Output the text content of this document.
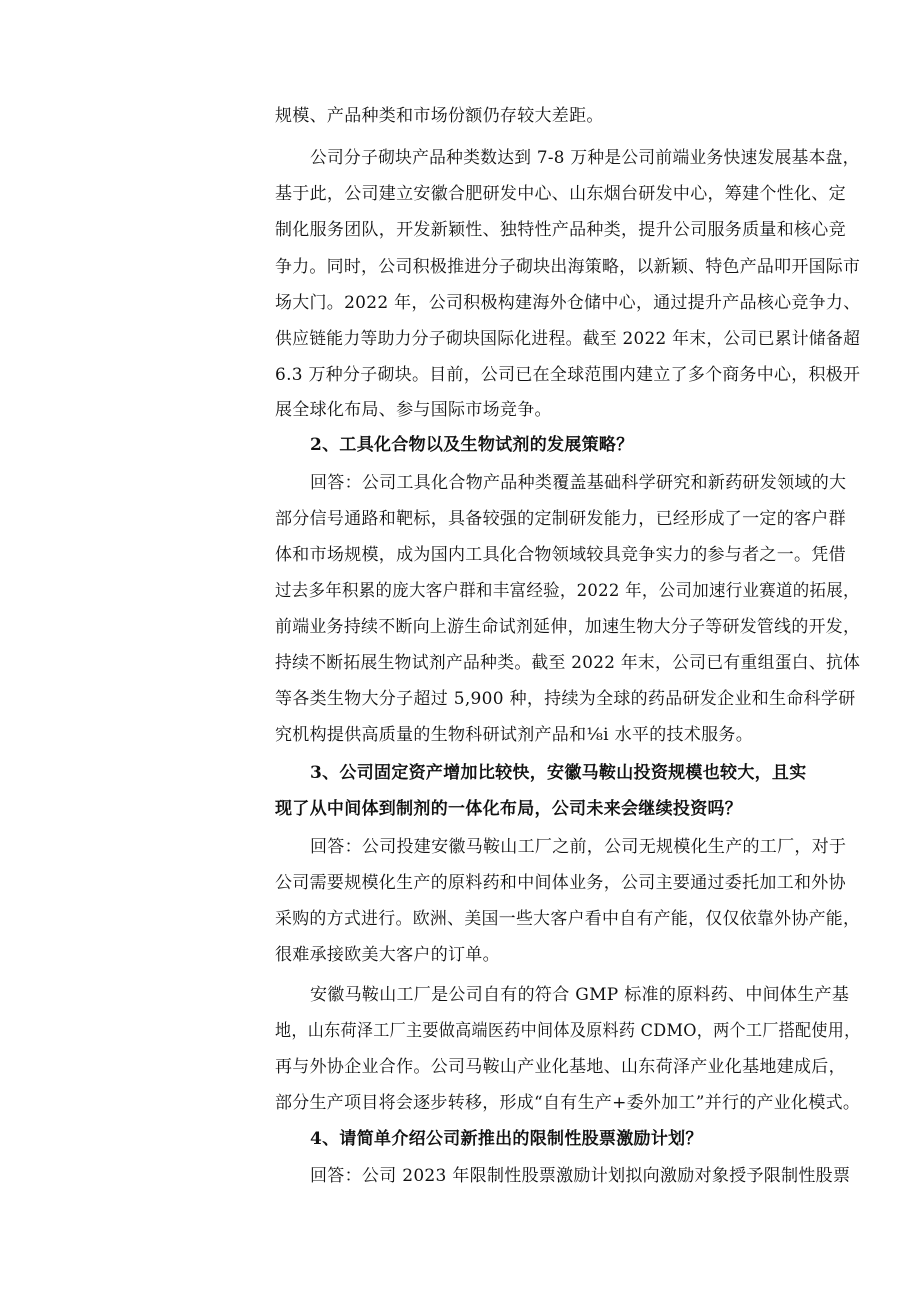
规模、产品种类和市场份额仍存较大差距。
公司分子砌块产品种类数达到 7-8 万种是公司前端业务快速发展基本盘，
基于此，公司建立安徽合肥研发中心、山东烟台研发中心，筹建个性化、定
制化服务团队，开发新颖性、独特性产品种类，提升公司服务质量和核心竞
争力。同时，公司积极推进分子砌块出海策略，以新颖、特色产品叩开国际市
场大门。2022 年，公司积极构建海外仓储中心，通过提升产品核心竞争力、
供应链能力等助力分子砌块国际化进程。截至 2022 年末，公司已累计储备超
6.3 万种分子砌块。目前，公司已在全球范围内建立了多个商务中心，积极开
展全球化布局、参与国际市场竞争。
2、工具化合物以及生物试剂的发展策略？
回答：公司工具化合物产品种类覆盖基础科学研究和新药研发领域的大
部分信号通路和靶标，具备较强的定制研发能力，已经形成了一定的客户群
体和市场规模，成为国内工具化合物领域较具竞争实力的参与者之一。凭借
过去多年积累的庞大客户群和丰富经验，2022 年，公司加速行业赛道的拓展，
前端业务持续不断向上游生命试剂延伸，加速生物大分子等研发管线的开发，
持续不断拓展生物试剂产品种类。截至 2022 年末，公司已有重组蛋白、抗体
等各类生物大分子超过 5,900 种，持续为全球的药品研发企业和生命科学研
究机构提供高质量的生物科研试剂产品和⅛i 水平的技术服务。
3、公司固定资产增加比较快，安徽马鞍山投资规模也较大，且实
现了从中间体到制剂的一体化布局，公司未来会继续投资吗？
回答：公司投建安徽马鞍山工厂之前，公司无规模化生产的工厂，对于
公司需要规模化生产的原料药和中间体业务，公司主要通过委托加工和外协
采购的方式进行。欧洲、美国一些大客户看中自有产能，仅仅依靠外协产能，
很难承接欧美大客户的订单。
安徽马鞍山工厂是公司自有的符合 GMP 标准的原料药、中间体生产基
地，山东荷泽工厂主要做高端医药中间体及原料药 CDMO，两个工厂搭配使用，
再与外协企业合作。公司马鞍山产业化基地、山东荷泽产业化基地建成后，
部分生产项目将会逐步转移，形成“自有生产+委外加工”并行的产业化模式。
4、请简单介绍公司新推出的限制性股票激励计划？
回答：公司 2023 年限制性股票激励计划拟向激励对象授予限制性股票
